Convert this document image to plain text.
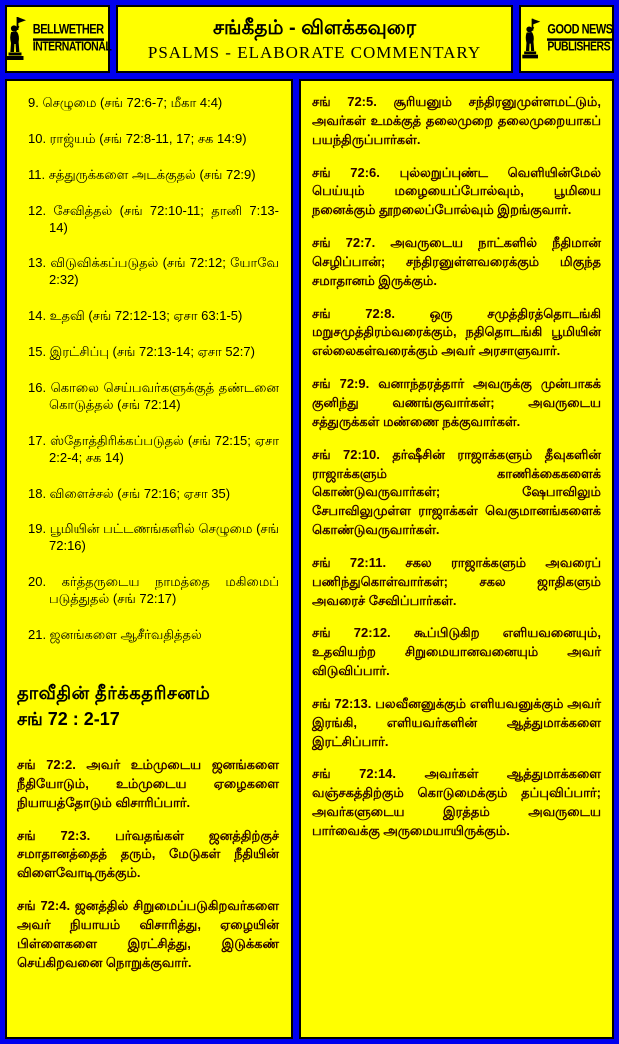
BELLWETHER
INTERNATIONAL
சங்கீதம் - விளக்கவுரை
PSALMS - ELABORATE COMMENTARY
GOOD NEWS
PUBLISHERS
9. செழுமை (சங் 72:6-7; மீகா 4:4)
10. ராஜ்யம் (சங் 72:8-11, 17; சக 14:9)
11. சத்துருக்களை அடக்குதல் (சங் 72:9)
12. சேவித்தல் (சங் 72:10-11; தானி 7:13-14)
13. விடுவிக்கப்படுதல் (சங் 72:12; யோவே 2:32)
14. உதவி (சங் 72:12-13; ஏசா 63:1-5)
15. இரட்சிப்பு (சங் 72:13-14; ஏசா 52:7)
16. கொலை செய்பவர்களுக்குத் தண்டனை கொடுத்தல் (சங் 72:14)
17. ஸ்தோத்திரிக்கப்படுதல் (சங் 72:15; ஏசா 2:2-4; சக 14)
18. விளைச்சல் (சங் 72:16; ஏசா 35)
19. பூமியின் பட்டணங்களில் செழுமை (சங் 72:16)
20. கர்த்தருடைய நாமத்தை மகிமைப் படுத்துதல் (சங் 72:17)
21. ஜனங்களை ஆசீர்வதித்தல்
தாவீதின் தீர்க்கதரிசனம்
சங் 72 : 2-17

சங் 72:2. அவர் உம்முடைய ஜனங்களை நீதியோடும், உம்முடைய ஏழைகளை நியாயத்தோடும் விசாரிப்பார்.

சங் 72:3. பர்வதங்கள் ஜனத்திற்குச் சமாதானத்தைத் தரும், மேடுகள் நீதியின் விளைவோடிருக்கும்.

சங் 72:4. ஜனத்தில் சிறுமைப்படுகிறவர்களை அவர் நியாயம் விசாரித்து, ஏழையின் பிள்ளைகளை இரட்சித்து, இடுக்கண் செய்கிறவனை நொறுக்குவார்.

சங் 72:5. சூரியனும் சந்திரனுமுள்ளமட்டும், அவர்கள் உமக்குத் தலைமுறை தலைமுறையாகப் பயந்திருப்பார்கள்.

சங் 72:6. புல்லறுப்புண்ட வெளியின்மேல் பெய்யும் மழையைப்போல்வும், பூமியை நனைக்கும் தூறலைப்போல்வும் இறங்குவார்.

சங் 72:7. அவருடைய நாட்களில் நீதிமான் செழிப்பான்; சந்திரனுள்ளவரைக்கும் மிகுந்த சமாதானம் இருக்கும்.

சங் 72:8. ஒரு சமுத்திரத்தொடங்கி மறுசமுத்திரம்வரைக்கும், நதிதொடங்கி பூமியின் எல்லைகள்வரைக்கும் அவர் அரசாளுவார்.

சங் 72:9. வனாந்தரத்தார் அவருக்கு முன்பாகக் குனிந்து வணங்குவார்கள்; அவருடைய சத்துருக்கள் மண்ணை நக்குவார்கள்.

சங் 72:10. தர்ஷீசின் ராஜாக்களும் தீவுகளின் ராஜாக்களும் காணிக்கைகளைக் கொண்டுவருவார்கள்; ஷேபாவிலும் சேபாவிலுமுள்ள ராஜாக்கள் வெகுமானங்களைக் கொண்டுவருவார்கள்.

சங் 72:11. சகல ராஜாக்களும் அவரைப் பணிந்துகொள்வார்கள்; சகல ஜாதிகளும் அவரைச் சேவிப்பார்கள்.

சங் 72:12. கூப்பிடுகிற எளியவனையும், உதவியற்ற சிறுமையானவனையும் அவர் விடுவிப்பார்.

சங் 72:13. பலவீனனுக்கும் எளியவனுக்கும் அவர் இரங்கி, எளியவர்களின் ஆத்துமாக்களை இரட்சிப்பார்.

சங் 72:14. அவர்கள் ஆத்துமாக்களை வஞ்சகத்திற்கும் கொடுமைக்கும் தப்புவிப்பார்; அவர்களுடைய இரத்தம் அவருடைய பார்வைக்கு அருமையாயிருக்கும்.
